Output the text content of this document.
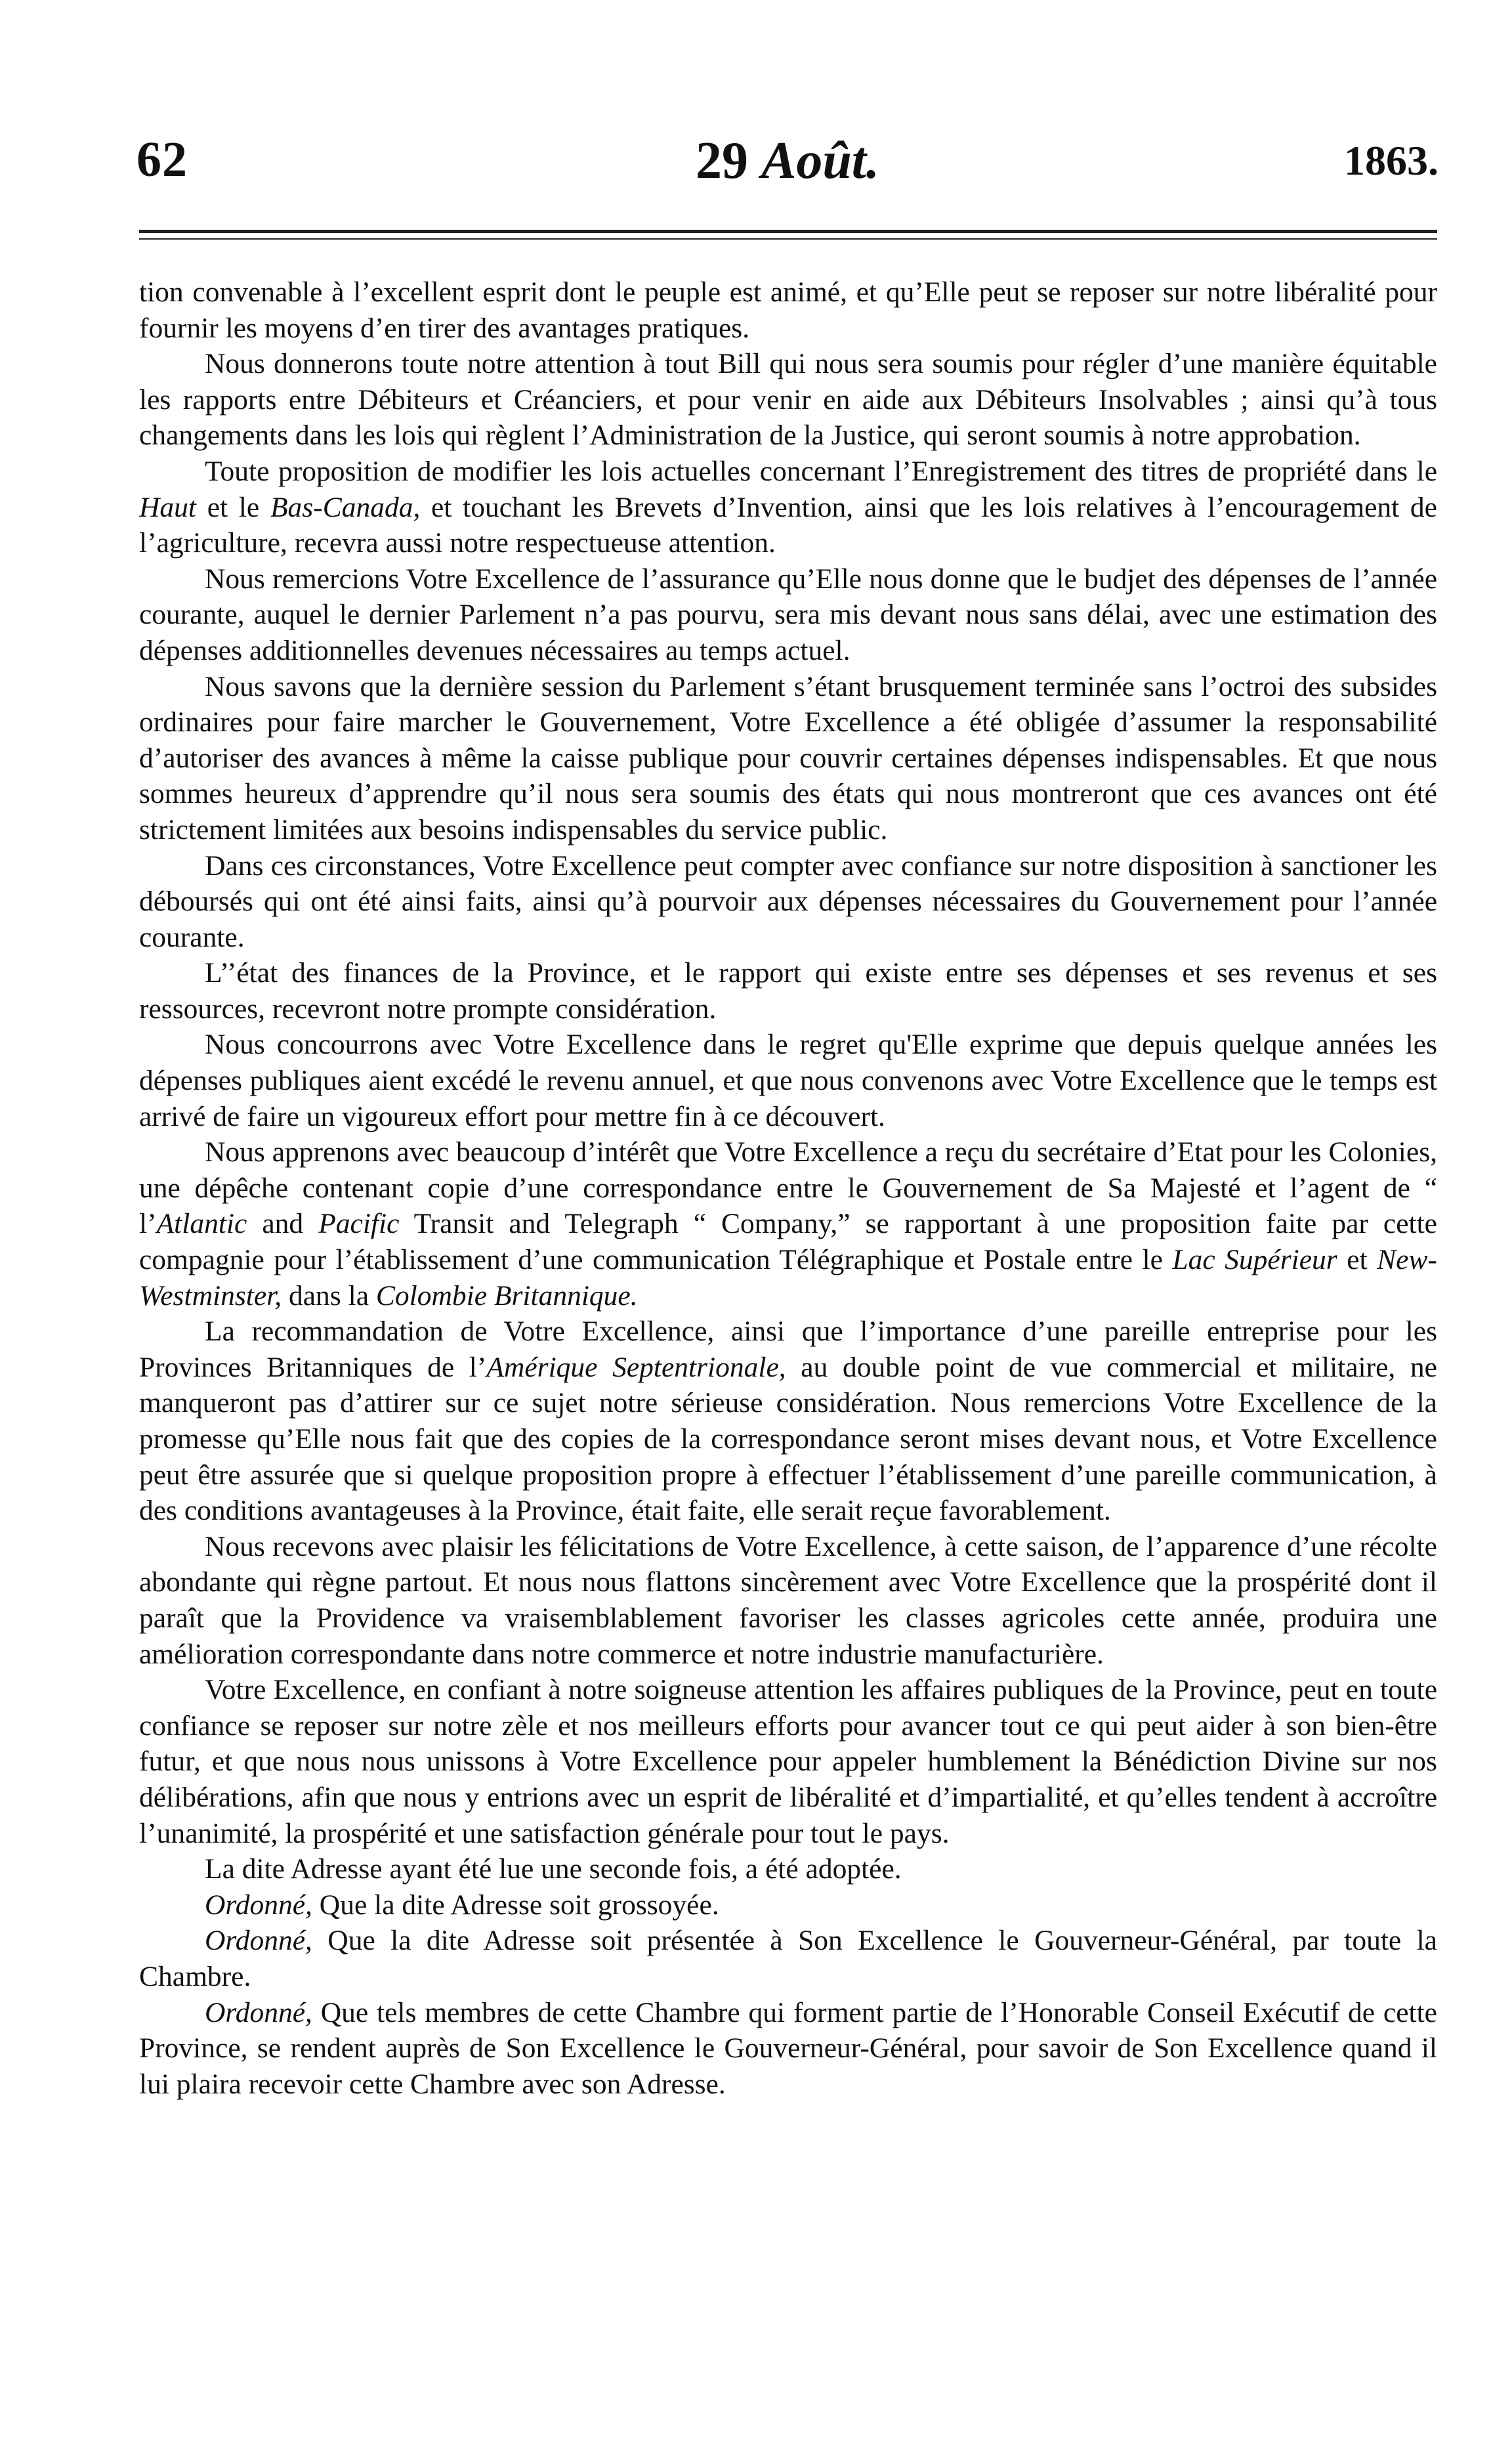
62	29 Août.	1863.

tion convenable à l’excellent esprit dont le peuple est animé, et qu’Elle peut se reposer sur notre libéralité pour fournir les moyens d’en tirer des avantages pratiques.

Nous donnerons toute notre attention à tout Bill qui nous sera soumis pour régler d’une manière équitable les rapports entre Débiteurs et Créanciers, et pour venir en aide aux Débiteurs Insolvables ; ainsi qu’à tous changements dans les lois qui règlent l’Administration de la Justice, qui seront soumis à notre approbation.

Toute proposition de modifier les lois actuelles concernant l’Enregistrement des titres de propriété dans le Haut et le Bas-Canada, et touchant les Brevets d’Invention, ainsi que les lois relatives à l’encouragement de l’agriculture, recevra aussi notre respectueuse attention.

Nous remercions Votre Excellence de l’assurance qu’Elle nous donne que le budjet des dépenses de l’année courante, auquel le dernier Parlement n’a pas pourvu, sera mis devant nous sans délai, avec une estimation des dépenses additionnelles devenues nécessaires au temps actuel.

Nous savons que la dernière session du Parlement s’étant brusquement terminée sans l’octroi des subsides ordinaires pour faire marcher le Gouvernement, Votre Excellence a été obligée d’assumer la responsabilité d’autoriser des avances à même la caisse publique pour couvrir certaines dépenses indispensables. Et que nous sommes heureux d’apprendre qu’il nous sera soumis des états qui nous montreront que ces avances ont été strictement limitées aux besoins indispensables du service public.

Dans ces circonstances, Votre Excellence peut compter avec confiance sur notre disposition à sanctioner les déboursés qui ont été ainsi faits, ainsi qu’à pourvoir aux dépenses nécessaires du Gouvernement pour l’année courante.

L’’état des finances de la Province, et le rapport qui existe entre ses dépenses et ses revenus et ses ressources, recevront notre prompte considération.

Nous concourrons avec Votre Excellence dans le regret qu'Elle exprime que depuis quelque années les dépenses publiques aient excédé le revenu annuel, et que nous convenons avec Votre Excellence que le temps est arrivé de faire un vigoureux effort pour mettre fin à ce découvert.

Nous apprenons avec beaucoup d’intérêt que Votre Excellence a reçu du secrétaire d’Etat pour les Colonies, une dépêche contenant copie d’une correspondance entre le Gouvernement de Sa Majesté et l’agent de “ l’Atlantic and Pacific Transit and Telegraph “ Company,” se rapportant à une proposition faite par cette compagnie pour l’établissement d’une communication Télégraphique et Postale entre le Lac Supérieur et New-Westminster, dans la Colombie Britannique.

La recommandation de Votre Excellence, ainsi que l’importance d’une pareille entreprise pour les Provinces Britanniques de l’Amérique Septentrionale, au double point de vue commercial et militaire, ne manqueront pas d’attirer sur ce sujet notre sérieuse considération. Nous remercions Votre Excellence de la promesse qu’Elle nous fait que des copies de la correspondance seront mises devant nous, et Votre Excellence peut être assurée que si quelque proposition propre à effectuer l’établissement d’une pareille communication, à des conditions avantageuses à la Province, était faite, elle serait reçue favorablement.

Nous recevons avec plaisir les félicitations de Votre Excellence, à cette saison, de l’apparence d’une récolte abondante qui règne partout. Et nous nous flattons sincèrement avec Votre Excellence que la prospérité dont il paraît que la Providence va vraisemblablement favoriser les classes agricoles cette année, produira une amélioration correspondante dans notre commerce et notre industrie manufacturière.

Votre Excellence, en confiant à notre soigneuse attention les affaires publiques de la Province, peut en toute confiance se reposer sur notre zèle et nos meilleurs efforts pour avancer tout ce qui peut aider à son bien-être futur, et que nous nous unissons à Votre Excellence pour appeler humblement la Bénédiction Divine sur nos délibérations, afin que nous y entrions avec un esprit de libéralité et d’impartialité, et qu’elles tendent à accroître l’unanimité, la prospérité et une satisfaction générale pour tout le pays.

La dite Adresse ayant été lue une seconde fois, a été adoptée.

Ordonné, Que la dite Adresse soit grossoyée.

Ordonné, Que la dite Adresse soit présentée à Son Excellence le Gouverneur-Général, par toute la Chambre.

Ordonné, Que tels membres de cette Chambre qui forment partie de l’Honorable Conseil Exécutif de cette Province, se rendent auprès de Son Excellence le Gouverneur-Général, pour savoir de Son Excellence quand il lui plaira recevoir cette Chambre avec son Adresse.
